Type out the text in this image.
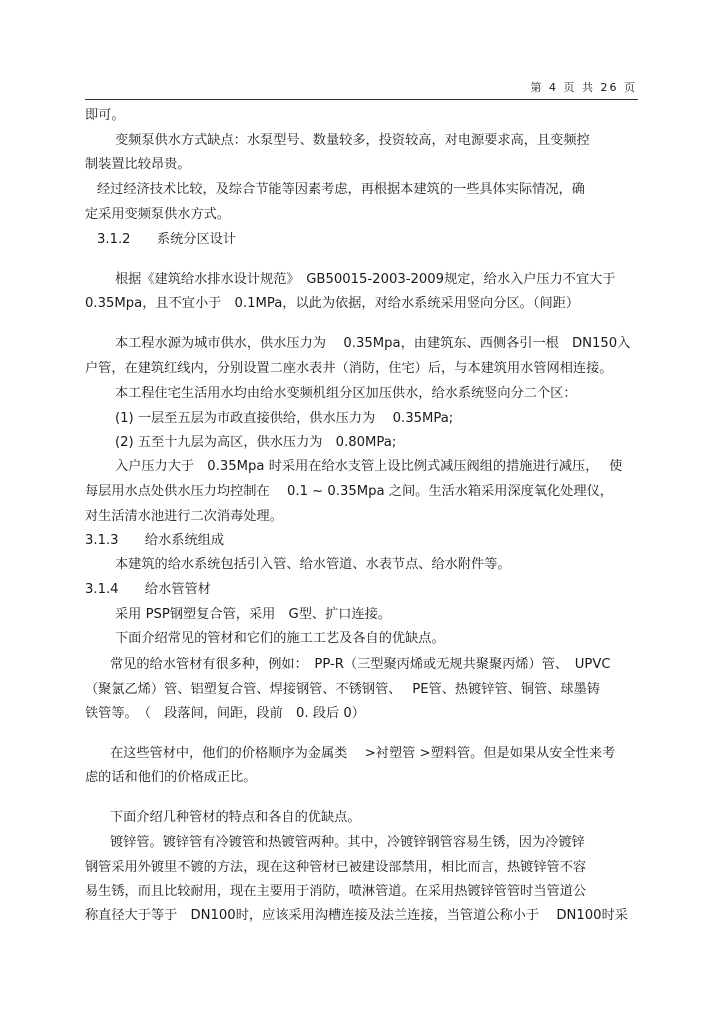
第 4 页 共 26 页
即可。
变频泵供水方式缺点：水泵型号、数量较多，投资较高，对电源要求高，且变频控
制装置比较昂贵。
经过经济技术比较，及综合节能等因素考虑，再根据本建筑的一些具体实际情况，确
定采用变频泵供水方式。
3.1.2　　系统分区设计
根据《建筑给水排水设计规范》　GB50015-2003-2009规定，给水入户压力不宜大于
0.35Mpa，且不宜小于　0.1MPa，以此为依据，对给水系统采用竖向分区。（间距）
本工程水源为城市供水，供水压力为　 0.35Mpa，由建筑东、西侧各引一根　DN150入
户管，在建筑红线内，分别设置二座水表井（消防，住宅）后，与本建筑用水管网相连接。
本工程住宅生活用水均由给水变频机组分区加压供水，给水系统竖向分二个区：
(1) 一层至五层为市政直接供给，供水压力为　 0.35MPa;
(2) 五至十九层为高区，供水压力为　0.80MPa;
入户压力大于　0.35Mpa 时采用在给水支管上设比例式减压阀组的措施进行减压，　 使
每层用水点处供水压力均控制在　 0.1 ~ 0.35Mpa 之间。生活水箱采用深度氧化处理仪，
对生活清水池进行二次消毒处理。
3.1.3　　给水系统组成
本建筑的给水系统包括引入管、给水管道、水表节点、给水附件等。
3.1.4　　给水管管材
采用 PSP钢塑复合管，采用　G型、扩口连接。
下面介绍常见的管材和它们的施工工艺及各自的优缺点。
常见的给水管材有很多种，例如：　PP-R（三型聚丙烯或无规共聚聚丙烯）管、　UPVC
（聚氯乙烯）管、铝塑复合管、焊接钢管、不锈钢管、　 PE管、热镀锌管、铜管、球墨铸
铁管等。　（　段落间，间距，段前　0. 段后 0）
在这些管材中，他们的价格顺序为金属类　 >衬塑管 >塑料管。但是如果从安全性来考
虑的话和他们的价格成正比。
下面介绍几种管材的特点和各自的优缺点。
镀锌管。镀锌管有冷镀管和热镀管两种。其中，冷镀锌钢管容易生锈，因为冷镀锌
钢管采用外镀里不镀的方法，现在这种管材已被建设部禁用，相比而言，热镀锌管不容
易生锈，而且比较耐用，现在主要用于消防，喷淋管道。在采用热镀锌管管时当管道公
称直径大于等于　DN100时，应该采用沟槽连接及法兰连接，当管道公称小于　 DN100时采
